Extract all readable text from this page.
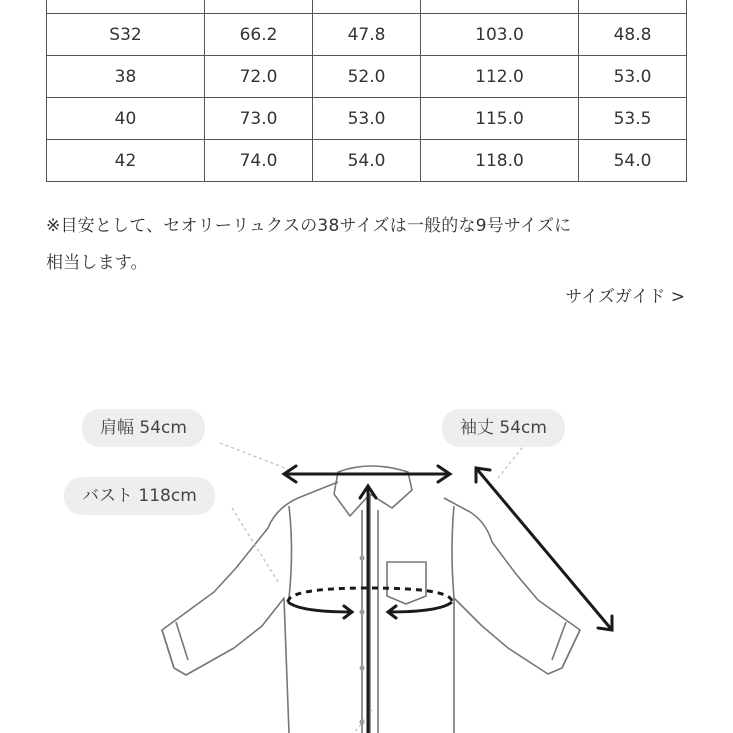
S32	66.2	47.8	103.0	48.8
38	72.0	52.0	112.0	53.0
40	73.0	53.0	115.0	53.5
42	74.0	54.0	118.0	54.0
※目安として、セオリーリュクスの38サイズは一般的な9号サイズに
相当します。
サイズガイド >
肩幅 54cm	袖丈 54cm
バスト 118cm
